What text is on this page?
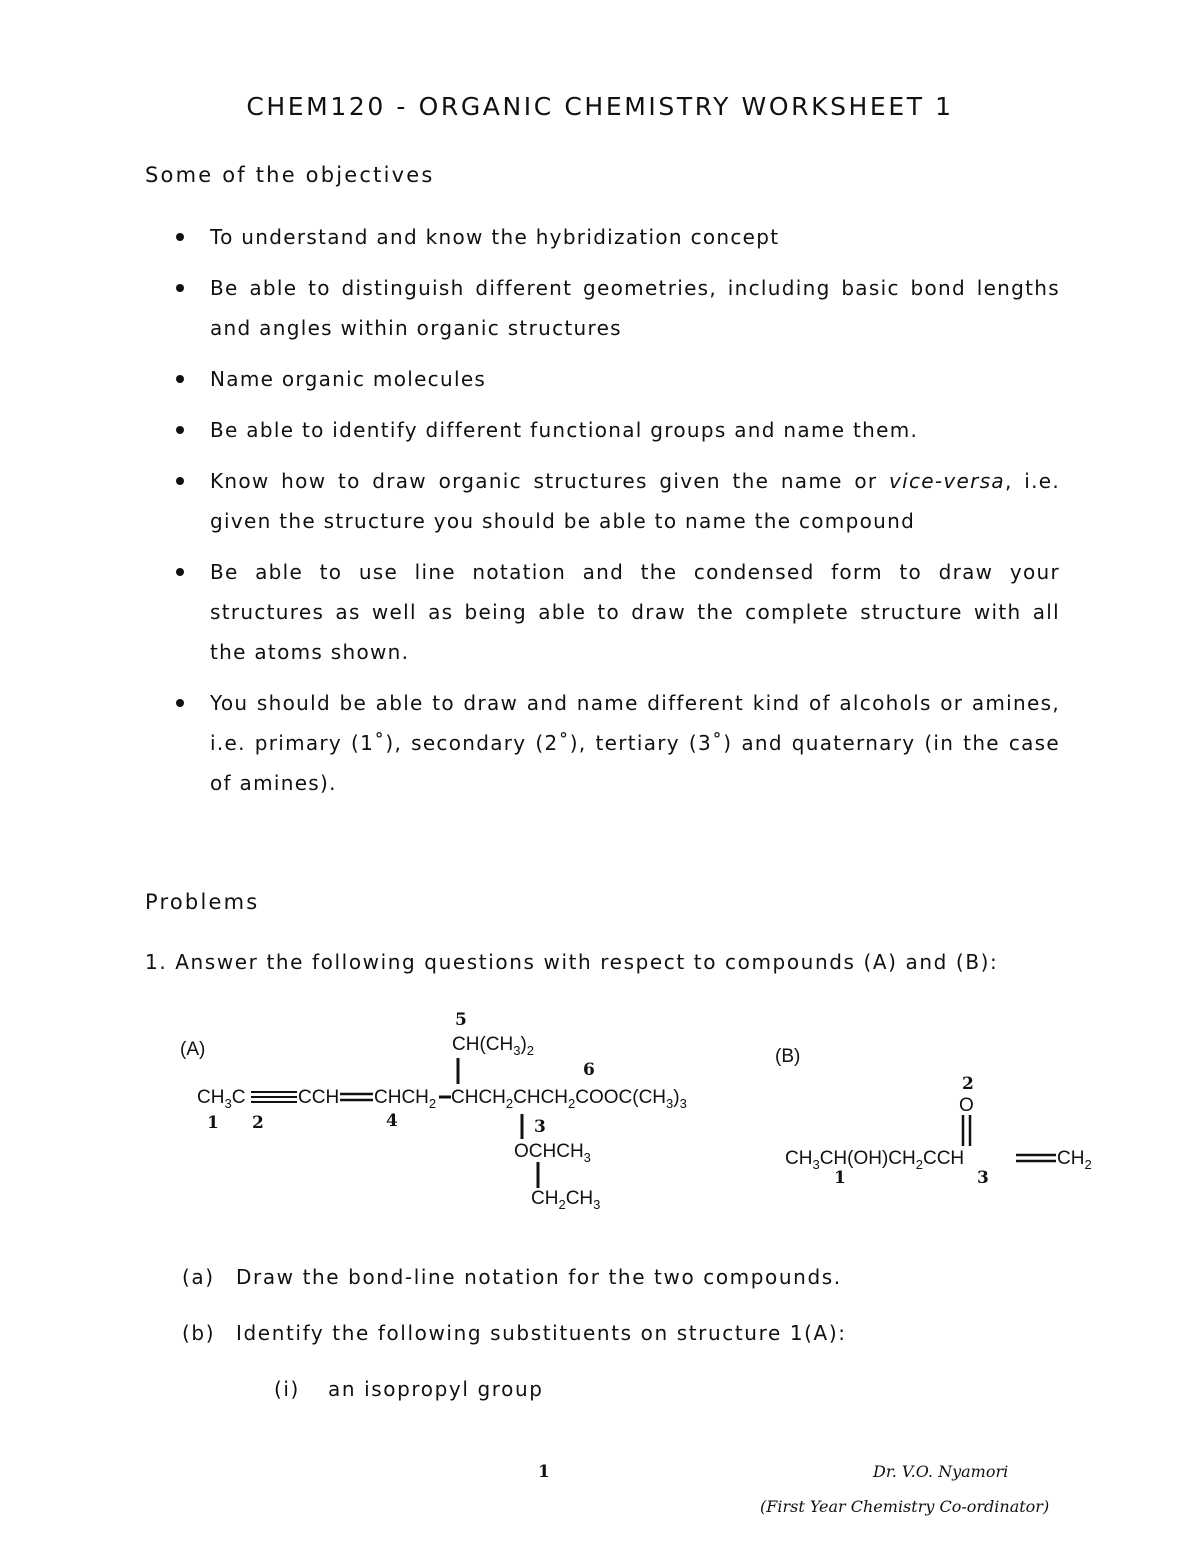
CHEM120 - ORGANIC CHEMISTRY WORKSHEET 1
Some of the objectives
To understand and know the hybridization concept
Be able to distinguish different geometries, including basic bond lengths and angles within organic structures
Name organic molecules
Be able to identify different functional groups and name them.
Know how to draw organic structures given the name or vice-versa, i.e. given the structure you should be able to name the compound
Be able to use line notation and the condensed form to draw your structures as well as being able to draw the complete structure with all the atoms shown.
You should be able to draw and name different kind of alcohols or amines, i.e. primary (1˚), secondary (2˚), tertiary (3˚) and quaternary (in the case of amines).
Problems
1. Answer the following questions with respect to compounds (A) and (B):
(A)
5
$CH(CH_3)_2$
6
$CH_3C$	CCH $CHCH_2$ $CHCH_2CHCH_2COOC(CH_3)_3$
1 2	4	3
$OCHCH_3$
$CH_2CH_3$
(B)
2
O
$CH_3CH(OH)CH_2CCH$	$CH_2$
1	3
(a) Draw the bond-line notation for the two compounds.
(b) Identify the following substituents on structure 1(A):
(i) an isopropyl group
1	Dr. V.O. Nyamori
(First Year Chemistry Co-ordinator)
